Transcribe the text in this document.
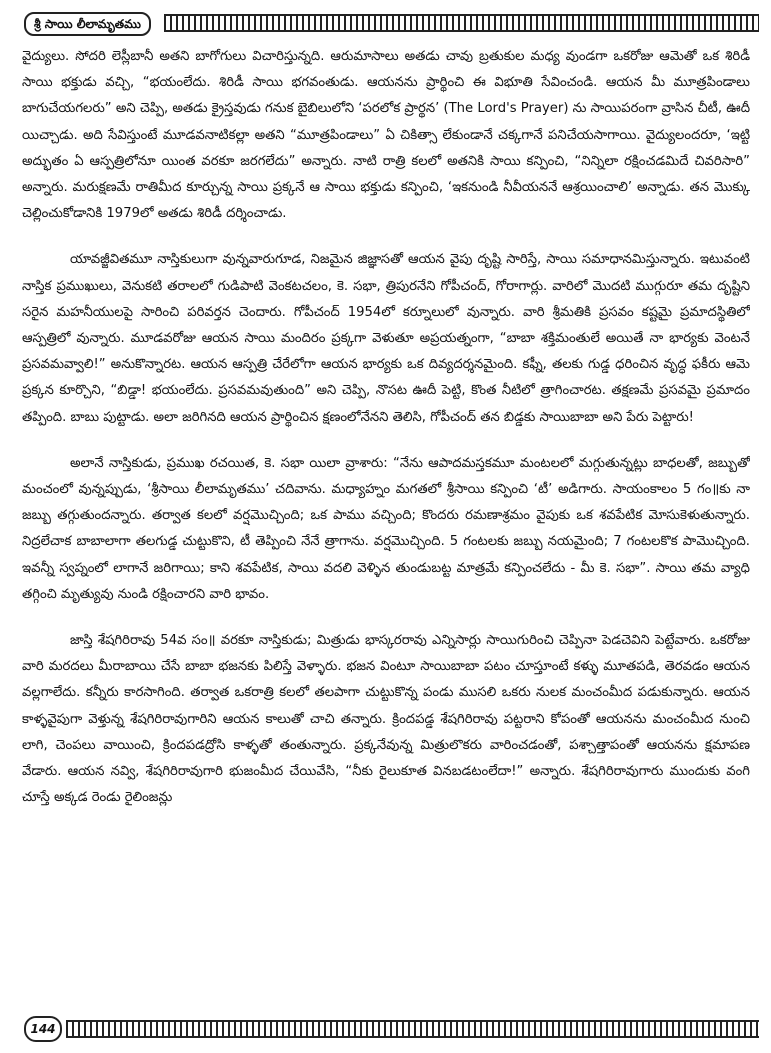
శ్రీ సాయి లీలామృతము

వైద్యులు. సోదరి లెస్లీబానీ అతని బాగోగులు విచారిస్తున్నది. ఆరుమాసాలు అతడు చావు బ్రతుకుల మధ్య వుండగా ఒకరోజు ఆమెతో ఒక శిరిడీ సాయి భక్తుడు వచ్చి, “భయంలేదు. శిరిడీ సాయి భగవంతుడు. ఆయనను ప్రార్థించి ఈ విభూతి సేవించండి. ఆయన మీ మూత్రపిండాలు బాగుచేయగలరు” అని చెప్పి, అతడు క్రైస్తవుడు గనుక బైబిలులోని ‘పరలోక ప్రార్థన’ (The Lord's Prayer) ను సాయిపరంగా వ్రాసిన చీటీ, ఊదీ యిచ్చాడు. అది సేవిస్తుంటే మూడవనాటికల్లా అతని “మూత్రపిండాలు” ఏ చికిత్సా లేకుండానే చక్కగానే పనిచేయసాగాయి. వైద్యులందరూ, ‘ఇట్టి అద్భుతం ఏ ఆస్పత్రిలోనూ యింత వరకూ జరగలేదు” అన్నారు. నాటి రాత్రి కలలో అతనికి సాయి కన్పించి, “నిన్నిలా రక్షించడమిదే చివరిసారి” అన్నారు. మరుక్షణమే రాతిమీద కూర్చున్న సాయి ప్రక్కనే ఆ సాయి భక్తుడు కన్పించి, ‘ఇకనుండి నీవీయననే ఆశ్రయించాలి’ అన్నాడు. తన మొక్కు చెల్లించుకోడానికి 1979లో అతడు శిరిడీ దర్శించాడు.

యావజ్జీవితమూ నాస్తికులుగా వున్నవారుగూడ, నిజమైన జిజ్ఞాసతో ఆయన వైపు దృష్టి సారిస్తే, సాయి సమాధానమిస్తున్నారు. ఇటువంటి నాస్తిక ప్రముఖులు, వెనుకటి తరాలలో గుడిపాటి వెంకటచలం, కె. సభా, త్రిపురనేని గోపీచంద్, గోరాగార్లు. వారిలో మొదటి ముగ్గురూ తమ దృష్టిని సరైన మహనీయులపై సారించి పరివర్తన చెందారు. గోపీచంద్ 1954లో కర్నూలులో వున్నారు. వారి శ్రీమతికి ప్రసవం కష్టమై ప్రమాదస్థితిలో ఆస్పత్రిలో వున్నారు. మూడవరోజు ఆయన సాయి మందిరం ప్రక్కగా వెళుతూ అప్రయత్నంగా, “బాబా శక్తిమంతులే అయితే నా భార్యకు వెంటనే ప్రసవమవ్వాలి!” అనుకొన్నారట. ఆయన ఆస్పత్రి చేరేలోగా ఆయన భార్యకు ఒక దివ్యదర్శనమైంది. కఫ్నీ, తలకు గుడ్డ ధరించిన వృద్ధ ఫకీరు ఆమె ప్రక్కన కూర్చొని, “బిడ్డా! భయంలేదు. ప్రసవమవుతుంది” అని చెప్పి, నొసట ఊదీ పెట్టి, కొంత నీటిలో త్రాగించారట. తక్షణమే ప్రసవమై ప్రమాదం తప్పింది. బాబు పుట్టాడు. అలా జరిగినది ఆయన ప్రార్థించిన క్షణంలోనేనని తెలిసి, గోపీచంద్ తన బిడ్డకు సాయిబాబా అని పేరు పెట్టారు!

అలానే నాస్తికుడు, ప్రముఖ రచయిత, కె. సభా యిలా వ్రాశారు: “నేను ఆపాదమస్తకమూ మంటలలో మగ్గుతున్నట్లు బాధలతో, జబ్బుతో మంచంలో వున్నప్పుడు, ‘శ్రీసాయి లీలామృతము’ చదివాను. మధ్యాహ్నం మగతలో శ్రీసాయి కన్పించి ‘టీ’ అడిగారు. సాయంకాలం 5 గం॥కు నా జబ్బు తగ్గుతుందన్నారు. తర్వాత కలలో వర్షమొచ్చింది; ఒక పాము వచ్చింది; కొందరు రమణాశ్రమం వైపుకు ఒక శవపేటిక మోసుకెళుతున్నారు. నిద్రలేచాక బాబాలాగా తలగుడ్డ చుట్టుకొని, టీ తెప్పించి నేనే త్రాగాను. వర్షమొచ్చింది. 5 గంటలకు జబ్బు నయమైంది; 7 గంటలకొక పామొచ్చింది. ఇవన్నీ స్వప్నంలో లాగానే జరిగాయి; కాని శవపేటిక, సాయి వదలి వెళ్ళిన తుండుబట్ట మాత్రమే కన్పించలేదు - మీ కె. సభా”. సాయి తమ వ్యాధి తగ్గించి మృత్యువు నుండి రక్షించారని వారి భావం.

జాస్తి శేషగిరిరావు 54వ సం॥ వరకూ నాస్తికుడు; మిత్రుడు భాస్కరరావు ఎన్నిసార్లు సాయిగురించి చెప్పినా పెడచెవిని పెట్టేవారు. ఒకరోజు వారి మరదలు మీరాబాయి చేసే బాబా భజనకు పిలిస్తే వెళ్ళారు. భజన వింటూ సాయిబాబా పటం చూస్తూంటే కళ్ళు మూతపడి, తెరవడం ఆయన వల్లగాలేదు. కన్నీరు కారసాగింది. తర్వాత ఒకరాత్రి కలలో తలపాగా చుట్టుకొన్న పండు ముసలి ఒకరు నులక మంచంమీద పడుకున్నారు. ఆయన కాళ్ళవైపుగా వెళ్తున్న శేషగిరిరావుగారిని ఆయన కాలుతో చాచి తన్నారు. క్రిందపడ్డ శేషగిరిరావు పట్టరాని కోపంతో ఆయనను మంచంమీద నుంచి లాగి, చెంపలు వాయించి, క్రిందపడద్రోసి కాళ్ళతో తంతున్నారు. ప్రక్కనేవున్న మిత్రులొకరు వారించడంతో, పశ్చాత్తాపంతో ఆయనను క్షమాపణ వేడారు. ఆయన నవ్వి, శేషగిరిరావుగారి భుజంమీద చేయివేసి, “నీకు రైలుకూత వినబడటంలేదా!” అన్నారు. శేషగిరిరావుగారు ముందుకు వంగి చూస్తే అక్కడ రెండు రైలింజన్లు

144
